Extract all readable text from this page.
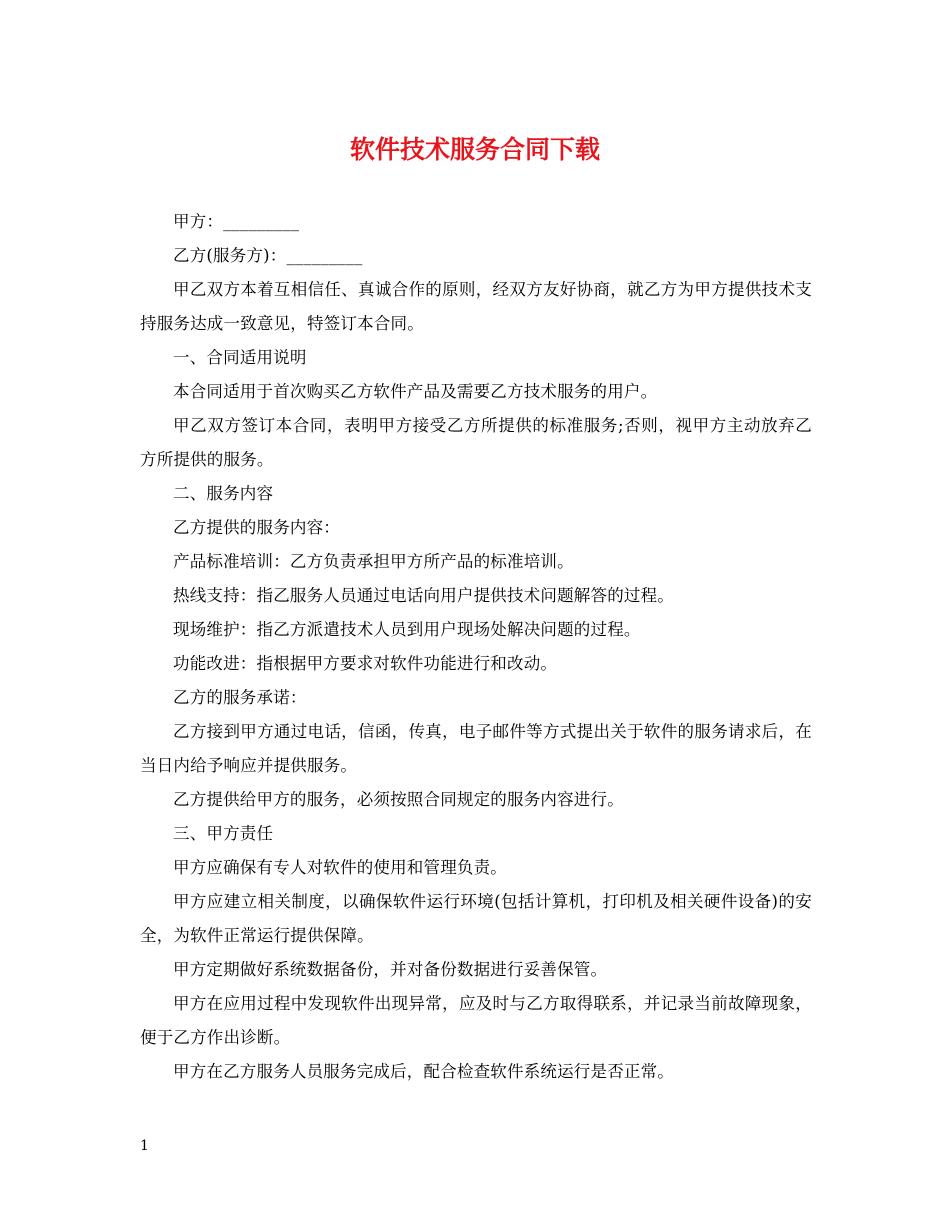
软件技术服务合同下载

甲方：_________

乙方(服务方)：_________

甲乙双方本着互相信任、真诚合作的原则，经双方友好协商，就乙方为甲方提供技术支持服务达成一致意见，特签订本合同。

一、合同适用说明

本合同适用于首次购买乙方软件产品及需要乙方技术服务的用户。

甲乙双方签订本合同，表明甲方接受乙方所提供的标准服务;否则，视甲方主动放弃乙方所提供的服务。

二、服务内容

乙方提供的服务内容：

产品标准培训：乙方负责承担甲方所产品的标准培训。

热线支持：指乙服务人员通过电话向用户提供技术问题解答的过程。

现场维护：指乙方派遣技术人员到用户现场处解决问题的过程。

功能改进：指根据甲方要求对软件功能进行和改动。

乙方的服务承诺：

乙方接到甲方通过电话，信函，传真，电子邮件等方式提出关于软件的服务请求后，在当日内给予响应并提供服务。

乙方提供给甲方的服务，必须按照合同规定的服务内容进行。

三、甲方责任

甲方应确保有专人对软件的使用和管理负责。

甲方应建立相关制度，以确保软件运行环境(包括计算机，打印机及相关硬件设备)的安全，为软件正常运行提供保障。

甲方定期做好系统数据备份，并对备份数据进行妥善保管。

甲方在应用过程中发现软件出现异常，应及时与乙方取得联系，并记录当前故障现象，便于乙方作出诊断。

甲方在乙方服务人员服务完成后，配合检查软件系统运行是否正常。

1
